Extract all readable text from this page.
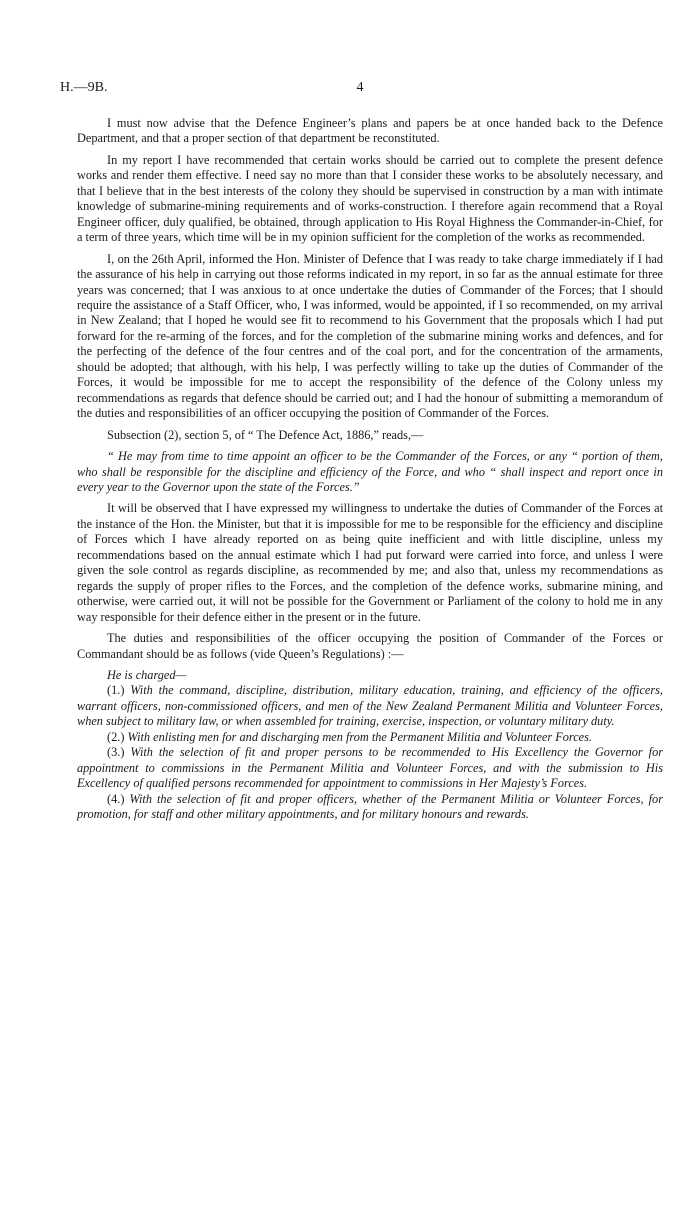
H.—9B.	4

I must now advise that the Defence Engineer’s plans and papers be at once handed back to the Defence Department, and that a proper section of that department be reconstituted.

In my report I have recommended that certain works should be carried out to complete the present defence works and render them effective. I need say no more than that I consider these works to be absolutely necessary, and that I believe that in the best interests of the colony they should be supervised in construction by a man with intimate knowledge of submarine-mining requirements and of works-construction. I therefore again recommend that a Royal Engineer officer, duly qualified, be obtained, through application to His Royal Highness the Commander-in-Chief, for a term of three years, which time will be in my opinion sufficient for the completion of the works as recommended.

I, on the 26th April, informed the Hon. Minister of Defence that I was ready to take charge immediately if I had the assurance of his help in carrying out those reforms indicated in my report, in so far as the annual estimate for three years was concerned; that I was anxious to at once undertake the duties of Commander of the Forces; that I should require the assistance of a Staff Officer, who, I was informed, would be appointed, if I so recommended, on my arrival in New Zealand; that I hoped he would see fit to recommend to his Government that the proposals which I had put forward for the re-arming of the forces, and for the completion of the submarine mining works and defences, and for the perfecting of the defence of the four centres and of the coal port, and for the concentration of the armaments, should be adopted; that although, with his help, I was perfectly willing to take up the duties of Commander of the Forces, it would be impossible for me to accept the responsibility of the defence of the Colony unless my recommendations as regards that defence should be carried out; and I had the honour of submitting a memorandum of the duties and responsibilities of an officer occupying the position of Commander of the Forces.

Subsection (2), section 5, of “ The Defence Act, 1886,” reads,—

“ He may from time to time appoint an officer to be the Commander of the Forces, or any “ portion of them, who shall be responsible for the discipline and efficiency of the Force, and who “ shall inspect and report once in every year to the Governor upon the state of the Forces.”

It will be observed that I have expressed my willingness to undertake the duties of Commander of the Forces at the instance of the Hon. the Minister, but that it is impossible for me to be responsible for the efficiency and discipline of Forces which I have already reported on as being quite inefficient and with little discipline, unless my recommendations based on the annual estimate which I had put forward were carried into force, and unless I were given the sole control as regards discipline, as recommended by me; and also that, unless my recommendations as regards the supply of proper rifles to the Forces, and the completion of the defence works, submarine mining, and otherwise, were carried out, it will not be possible for the Government or Parliament of the colony to hold me in any way responsible for their defence either in the present or in the future.

The duties and responsibilities of the officer occupying the position of Commander of the Forces or Commandant should be as follows (vide Queen’s Regulations) :—

He is charged—

(1.) With the command, discipline, distribution, military education, training, and efficiency of the officers, warrant officers, non-commissioned officers, and men of the New Zealand Permanent Militia and Volunteer Forces, when subject to military law, or when assembled for training, exercise, inspection, or voluntary military duty.

(2.) With enlisting men for and discharging men from the Permanent Militia and Volunteer Forces.

(3.) With the selection of fit and proper persons to be recommended to His Excellency the Governor for appointment to commissions in the Permanent Militia and Volunteer Forces, and with the submission to His Excellency of qualified persons recommended for appointment to commissions in Her Majesty’s Forces.

(4.) With the selection of fit and proper officers, whether of the Permanent Militia or Volunteer Forces, for promotion, for staff and other military appointments, and for military honours and rewards.
